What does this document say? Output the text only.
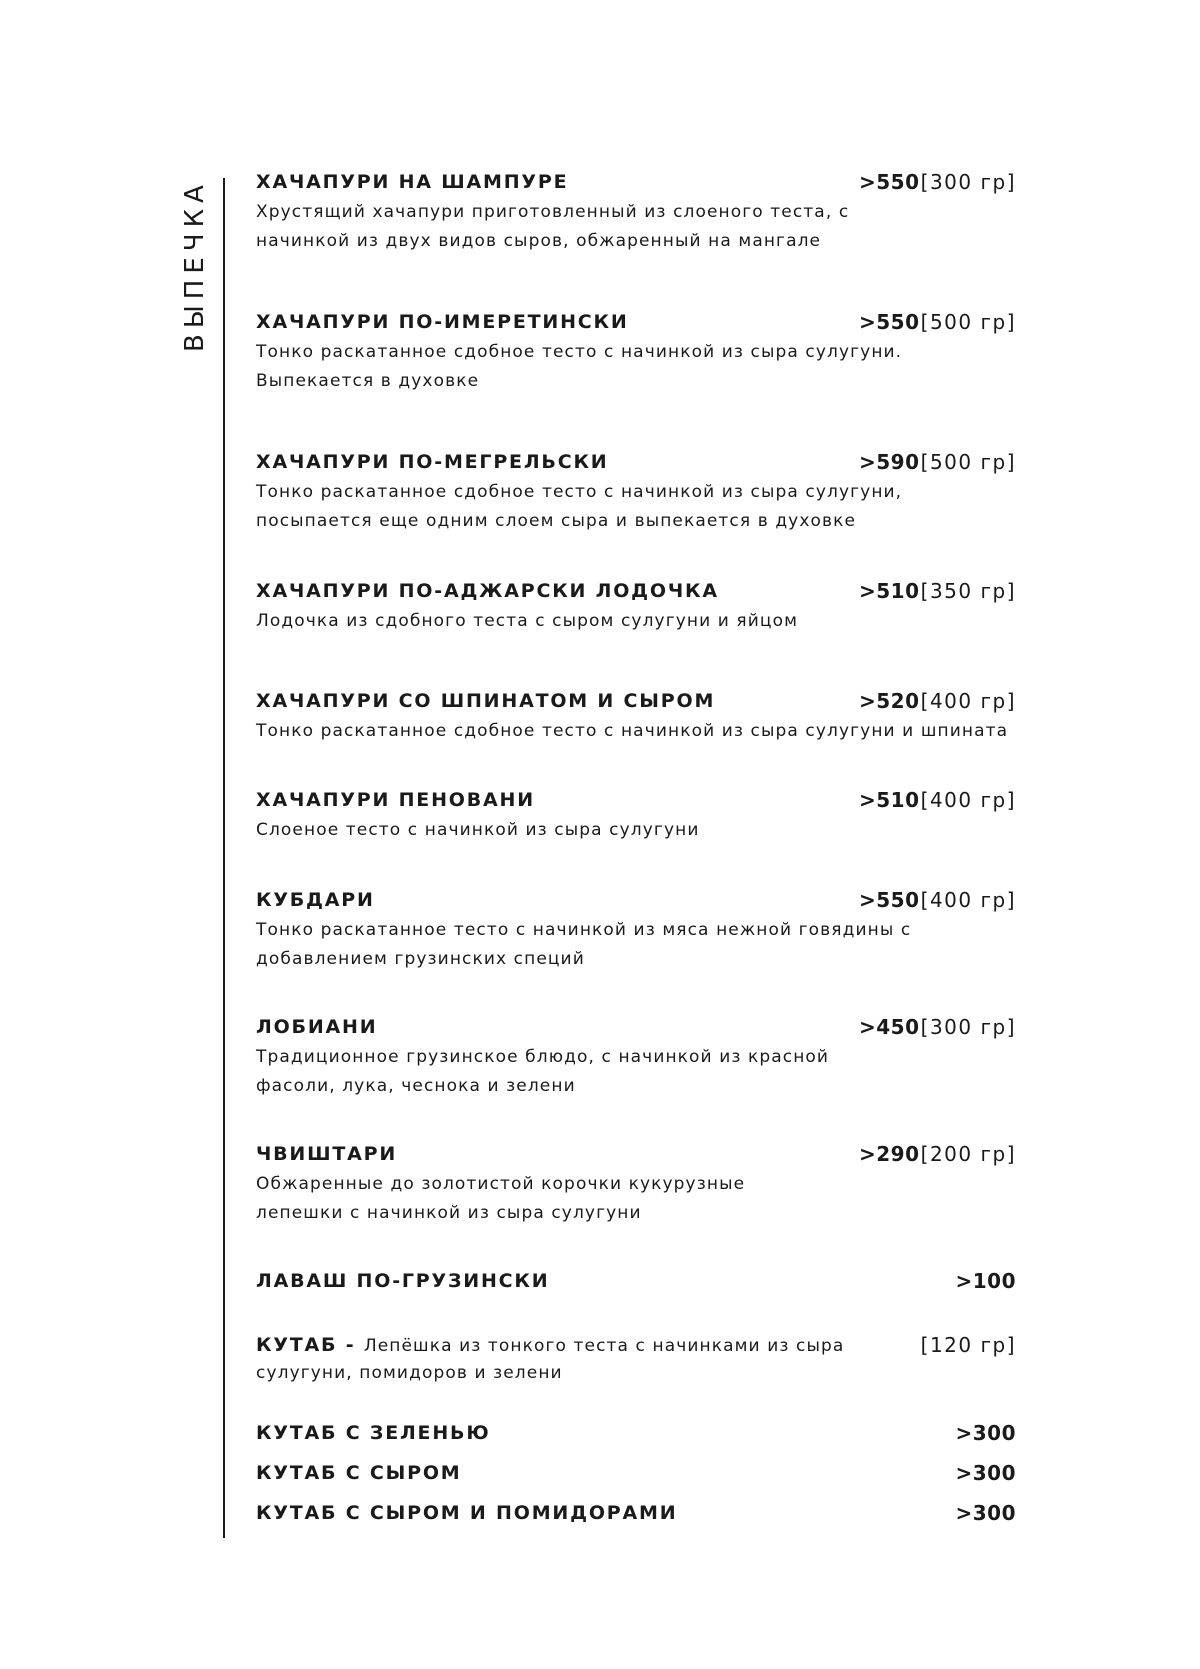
ВЫПЕЧКА ХАЧАПУРИ НА ШАМПУРЕ	>550 [300 гр]
Хрустящий хачапури приготовленный из слоеного теста, с
начинкой из двух видов сыров, обжаренный на мангале
ХАЧАПУРИ ПО-ИМЕРЕТИНСКИ	>550 [500 гр]
Тонко раскатанное сдобное тесто с начинкой из сыра сулугуни.
Выпекается в духовке
ХАЧАПУРИ ПО-МЕГРЕЛЬСКИ	>590 [500 гр]
Тонко раскатанное сдобное тесто с начинкой из сыра сулугуни,
посыпается еще одним слоем сыра и выпекается в духовке
ХАЧАПУРИ ПО-АДЖАРСКИ ЛОДОЧКА	>510 [350 гр]
Лодочка из сдобного теста с сыром сулугуни и яйцом
ХАЧАПУРИ СО ШПИНАТОМ И СЫРОМ	>520 [400 гр]
Тонко раскатанное сдобное тесто с начинкой из сыра сулугуни и шпината
ХАЧАПУРИ ПЕНОВАНИ	>510 [400 гр]
Слоеное тесто с начинкой из сыра сулугуни
КУБДАРИ	>550 [400 гр]
Тонко раскатанное тесто с начинкой из мяса нежной говядины с
добавлением грузинских специй
ЛОБИАНИ	>450 [300 гр]
Традиционное грузинское блюдо, с начинкой из красной
фасоли, лука, чеснока и зелени
ЧВИШТАРИ	>290 [200 гр]
Обжаренные до золотистой корочки кукурузные
лепешки с начинкой из сыра сулугуни
ЛАВАШ ПО-ГРУЗИНСКИ	>100
КУТАБ - Лепёшка из тонкого теста с начинками из сыра сулугуни, помидоров и зелени
[120 гр]
КУТАБ С ЗЕЛЕНЬЮ	>300
КУТАБ С СЫРОМ	>300
КУТАБ С СЫРОМ И ПОМИДОРАМИ	>300
